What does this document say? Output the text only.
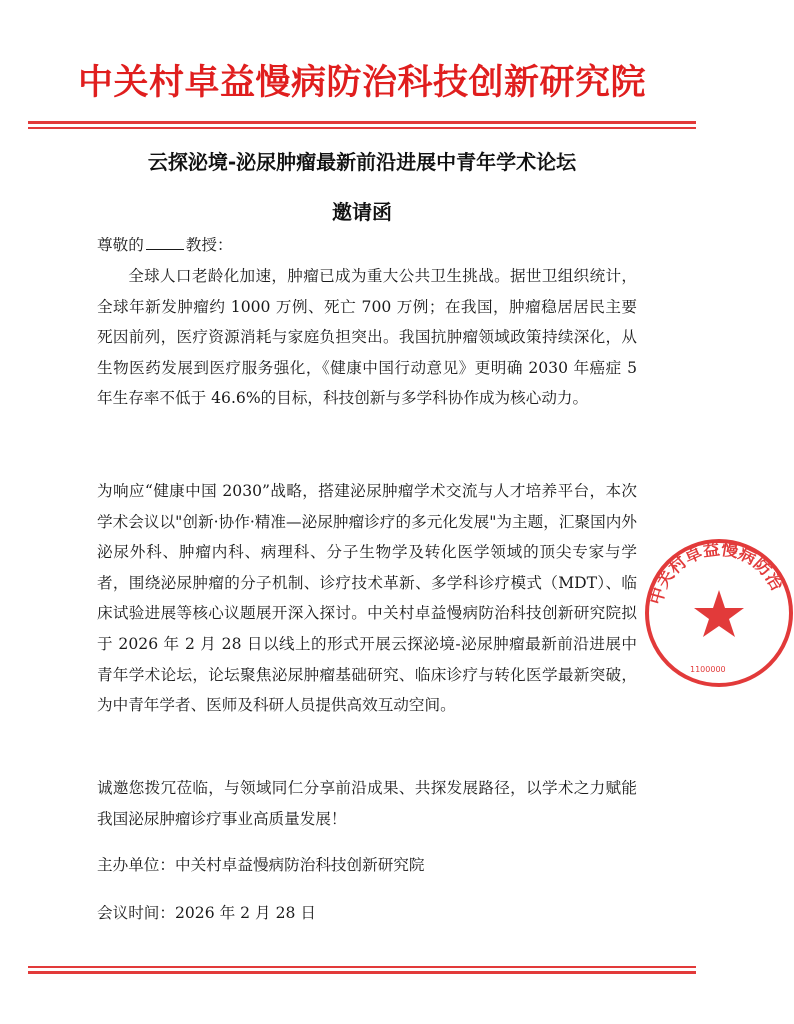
中关村卓益慢病防治科技创新研究院
云探泌境-泌尿肿瘤最新前沿进展中青年学术论坛
邀请函
尊敬的	教授：
全球人口老龄化加速，肿瘤已成为重大公共卫生挑战。据世卫组织统计，全球年新发肿瘤约 1000 万例、死亡 700 万例；在我国，肿瘤稳居居民主要死因前列，医疗资源消耗与家庭负担突出。我国抗肿瘤领域政策持续深化，从生物医药发展到医疗服务强化，《健康中国行动意见》更明确 2030 年癌症 5 年生存率不低于 46.6%的目标，科技创新与多学科协作成为核心动力。
为响应“健康中国 2030”战略，搭建泌尿肿瘤学术交流与人才培养平台，本次学术会议以"创新·协作·精准—泌尿肿瘤诊疗的多元化发展"为主题，汇聚国内外泌尿外科、肿瘤内科、病理科、分子生物学及转化医学领域的顶尖专家与学者，围绕泌尿肿瘤的分子机制、诊疗技术革新、多学科诊疗模式（MDT）、临床试验进展等核心议题展开深入探讨。中关村卓益慢病防治科技创新研究院拟于 2026 年 2 月 28 日以线上的形式开展云探泌境-泌尿肿瘤最新前沿进展中青年学术论坛，论坛聚焦泌尿肿瘤基础研究、临床诊疗与转化医学最新突破，为中青年学者、医师及科研人员提供高效互动空间。
诚邀您拨冗莅临，与领域同仁分享前沿成果、共探发展路径，以学术之力赋能我国泌尿肿瘤诊疗事业高质量发展！
主办单位：中关村卓益慢病防治科技创新研究院
会议时间：2026 年 2 月 28 日
中关村卓益慢病防治
1100000
